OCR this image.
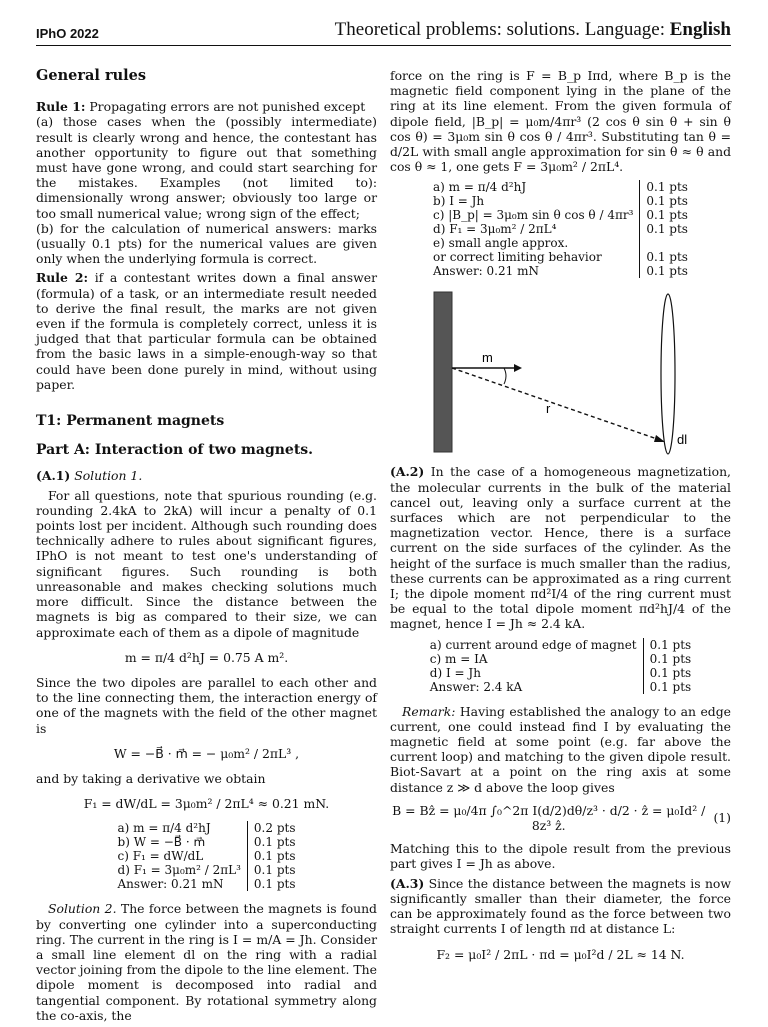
IPhO 2022	Theoretical problems: solutions. Language: English
General rules

Rule 1: Propagating errors are not punished except
(a) those cases when the (possibly intermediate) result is clearly wrong and hence, the contestant has another opportunity to figure out that something must have gone wrong, and could start searching for the mistakes. Examples (not limited to): dimensionally wrong answer; obviously too large or too small numerical value; wrong sign of the effect;
(b) for the calculation of numerical answers: marks (usually 0.1 pts) for the numerical values are given only when the underlying formula is correct.

Rule 2: if a contestant writes down a final answer (formula) of a task, or an intermediate result needed to derive the final result, the marks are not given even if the formula is completely correct, unless it is judged that that particular formula can be obtained from the basic laws in a simple-enough-way so that could have been done purely in mind, without using paper.

T1: Permanent magnets
Part A: Interaction of two magnets.

(A.1) Solution 1.

For all questions, note that spurious rounding (e.g. rounding 2.4kA to 2kA) will incur a penalty of 0.1 points lost per incident. Although such rounding does technically adhere to rules about significant figures, IPhO is not meant to test one's understanding of significant figures. Such rounding is both unreasonable and makes checking solutions much more difficult. Since the distance between the magnets is big as compared to their size, we can approximate each of them as a dipole of magnitude

m = π/4 d²hJ = 0.75 A m².

Since the two dipoles are parallel to each other and to the line connecting them, the interaction energy of one of the magnets with the field of the other magnet is

W = −B⃗ · m⃗ = − μ₀m² / 2πL³ ,

and by taking a derivative we obtain

F₁ = dW/dL = 3μ₀m² / 2πL⁴ ≈ 0.21 mN.
a) m = π/4 d²hJ	0.2 pts
b) W = −B⃗ · m⃗	0.1 pts
c) F₁ = dW/dL	0.1 pts
d) F₁ = 3μ₀m² / 2πL³	0.1 pts
Answer: 0.21 mN	0.1 pts

Solution 2. The force between the magnets is found by converting one cylinder into a superconducting ring. The current in the ring is I = m/A = Jh. Consider a small line element dl on the ring with a radial vector joining from the dipole to the line element. The dipole moment is decomposed into radial and tangential component. By rotational symmetry along the co-axis, the

force on the ring is F = B_p Iπd, where B_p is the magnetic field component lying in the plane of the ring at its line element. From the given formula of dipole field, |B_p| = μ₀m/4πr³ (2 cos θ sin θ + sin θ cos θ) = 3μ₀m sin θ cos θ / 4πr³. Substituting tan θ = d/2L with small angle approximation for sin θ ≈ θ and cos θ ≈ 1, one gets F = 3μ₀m² / 2πL⁴.

a) m = π/4 d²hJ	0.1 pts
b) I = Jh	0.1 pts
c) |B_p| = 3μ₀m sin θ cos θ / 4πr³	0.1 pts
d) F₁ = 3μ₀m² / 2πL⁴	0.1 pts
e) small angle approx.	
or correct limiting behavior	0.1 pts
Answer: 0.21 mN	0.1 pts
m
r
dl

(A.2) In the case of a homogeneous magnetization, the molecular currents in the bulk of the material cancel out, leaving only a surface current at the surfaces which are not perpendicular to the magnetization vector. Hence, there is a surface current on the side surfaces of the cylinder. As the height of the surface is much smaller than the radius, these currents can be approximated as a ring current I; the dipole moment πd²I/4 of the ring current must be equal to the total dipole moment πd²hJ/4 of the magnet, hence I = Jh ≈ 2.4 kA.

a) current around edge of magnet	0.1 pts
c) m = IA	0.1 pts
d) I = Jh	0.1 pts
Answer: 2.4 kA	0.1 pts

Remark: Having established the analogy to an edge current, one could instead find I by evaluating the magnetic field at some point (e.g. far above the current loop) and matching to the given dipole result. Biot-Savart at a point on the ring axis at some distance z ≫ d above the loop gives

B = Bẑ = μ₀/4π ∫₀^2π I(d/2)dθ/z³ · d/2 · ẑ = μ₀Id² / 8z³ ẑ.
(1)

Matching this to the dipole result from the previous part gives I = Jh as above.

(A.3) Since the distance between the magnets is now significantly smaller than their diameter, the force can be approximately found as the force between two straight currents I of length πd at distance L:

F₂ = μ₀I² / 2πL · πd = μ₀I²d / 2L ≈ 14 N.
